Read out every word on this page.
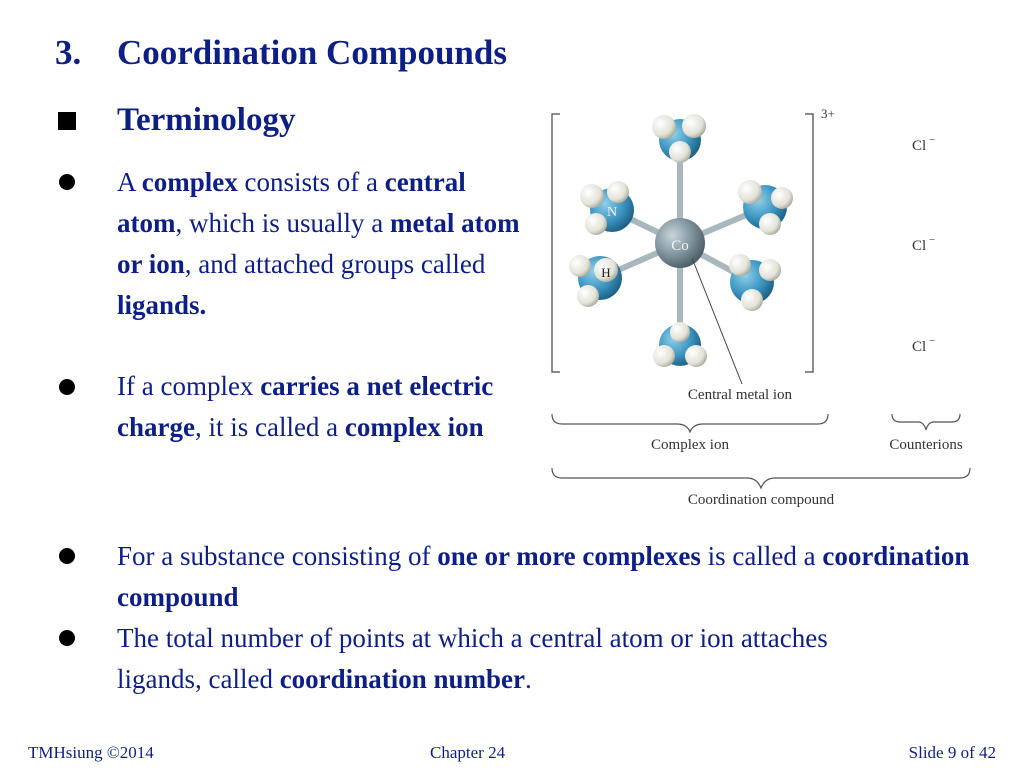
3. Coordination Compounds
Terminology
A complex consists of a central atom, which is usually a metal atom or ion, and attached groups called ligands.
If a complex carries a net electric charge, it is called a complex ion
For a substance consisting of one or more complexes is called a coordination compound
The total number of points at which a central atom or ion attaches ligands, called coordination number.
3+
Co
N
H
Central metal ion
Cl −
Cl −
Cl −
Complex ion	Counterions
Coordination compound
TMHsiung ©2014	Chapter 24	Slide 9 of 42
